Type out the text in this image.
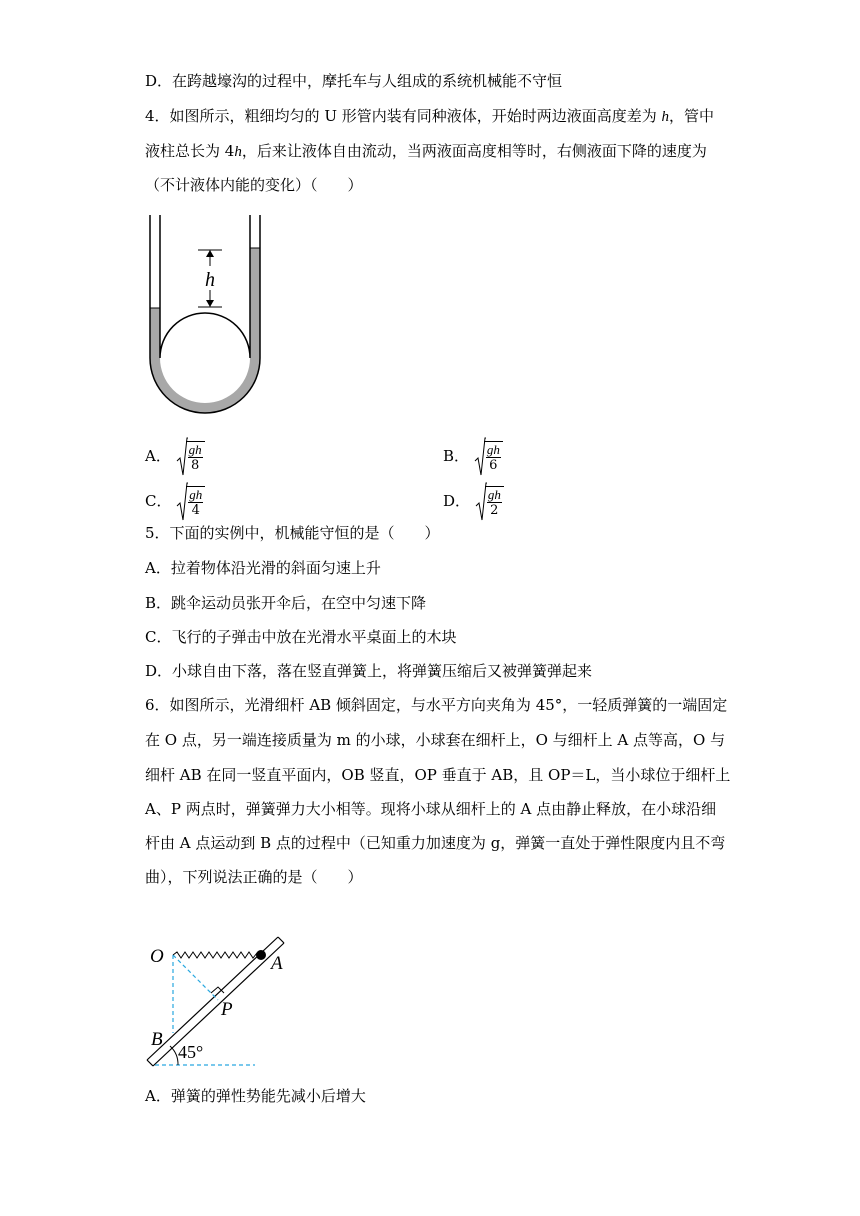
D．在跨越壕沟的过程中，摩托车与人组成的系统机械能不守恒
4．如图所示，粗细均匀的 U 形管内装有同种液体，开始时两边液面高度差为 h，管中
液柱总长为 4h，后来让液体自由流动，当两液面高度相等时，右侧液面下降的速度为
（不计液体内能的变化）（　　）
h
A． $\frac{gh}{8}$	B． $\frac{gh}{6}$
C． $\frac{gh}{4}$	D． $\frac{gh}{2}$
5．下面的实例中，机械能守恒的是（　　）
A．拉着物体沿光滑的斜面匀速上升
B．跳伞运动员张开伞后，在空中匀速下降
C．飞行的子弹击中放在光滑水平桌面上的木块
D．小球自由下落，落在竖直弹簧上，将弹簧压缩后又被弹簧弹起来
6．如图所示，光滑细杆 AB 倾斜固定，与水平方向夹角为 45°，一轻质弹簧的一端固定
在 O 点，另一端连接质量为 m 的小球，小球套在细杆上，O 与细杆上 A 点等高，O 与
细杆 AB 在同一竖直平面内，OB 竖直，OP 垂直于 AB，且 OP＝L，当小球位于细杆上
A、P 两点时，弹簧弹力大小相等。现将小球从细杆上的 A 点由静止释放，在小球沿细
杆由 A 点运动到 B 点的过程中（已知重力加速度为 g，弹簧一直处于弹性限度内且不弯
曲），下列说法正确的是（　　）
O	A
P
B
45°
A．弹簧的弹性势能先减小后增大
